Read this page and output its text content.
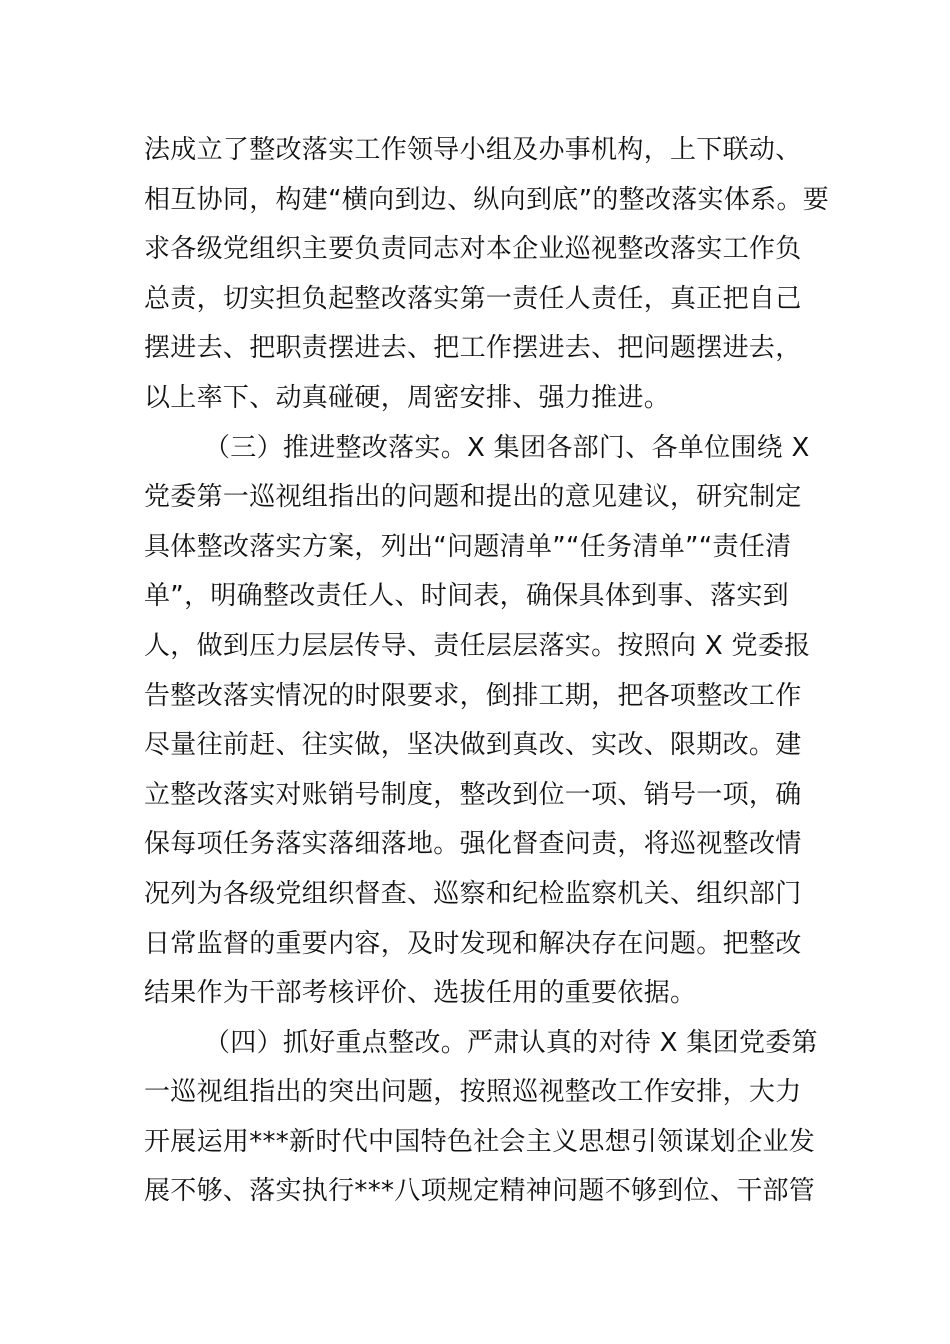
法成立了整改落实工作领导小组及办事机构，上下联动、
相互协同，构建“横向到边、纵向到底”的整改落实体系。要
求各级党组织主要负责同志对本企业巡视整改落实工作负
总责，切实担负起整改落实第一责任人责任，真正把自己
摆进去、把职责摆进去、把工作摆进去、把问题摆进去，
以上率下、动真碰硬，周密安排、强力推进。
（三）推进整改落实。X 集团各部门、各单位围绕 X
党委第一巡视组指出的问题和提出的意见建议，研究制定
具体整改落实方案，列出“问题清单”“任务清单”“责任清
单”，明确整改责任人、时间表，确保具体到事、落实到
人，做到压力层层传导、责任层层落实。按照向 X 党委报
告整改落实情况的时限要求，倒排工期，把各项整改工作
尽量往前赶、往实做，坚决做到真改、实改、限期改。建
立整改落实对账销号制度，整改到位一项、销号一项，确
保每项任务落实落细落地。强化督查问责，将巡视整改情
况列为各级党组织督查、巡察和纪检监察机关、组织部门
日常监督的重要内容，及时发现和解决存在问题。把整改
结果作为干部考核评价、选拔任用的重要依据。
（四）抓好重点整改。严肃认真的对待 X 集团党委第
一巡视组指出的突出问题，按照巡视整改工作安排，大力
开展运用***新时代中国特色社会主义思想引领谋划企业发
展不够、落实执行***八项规定精神问题不够到位、干部管
